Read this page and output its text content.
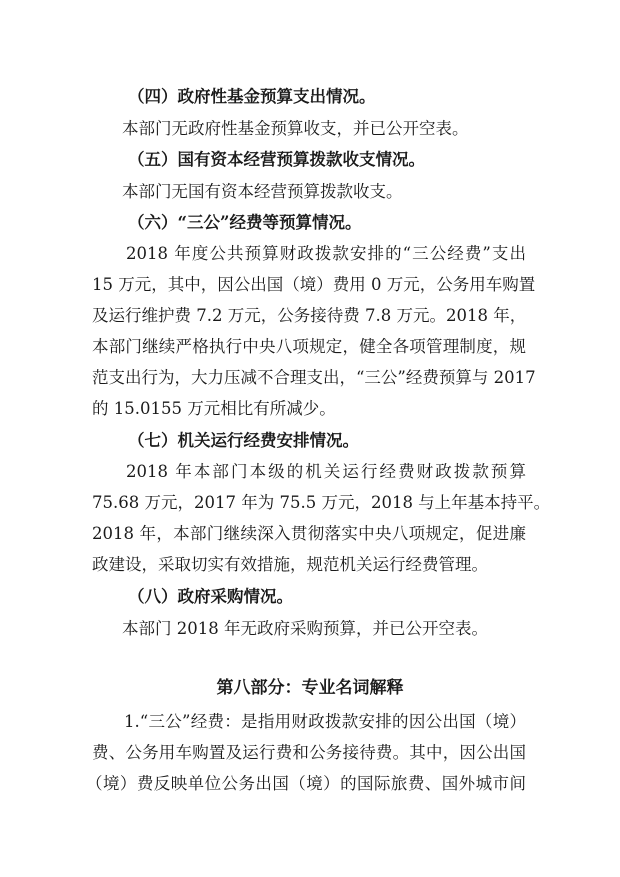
（四）政府性基金预算支出情况。
本部门无政府性基金预算收支，并已公开空表。
（五）国有资本经营预算拨款收支情况。
本部门无国有资本经营预算拨款收支。
（六）“三公”经费等预算情况。
2018 年度公共预算财政拨款安排的“三公经费”支出
15 万元，其中，因公出国（境）费用 0 万元，公务用车购置
及运行维护费 7.2 万元，公务接待费 7.8 万元。2018 年，
本部门继续严格执行中央八项规定，健全各项管理制度，规
范支出行为，大力压减不合理支出，“三公”经费预算与 2017
的 15.0155 万元相比有所减少。
（七）机关运行经费安排情况。
2018 年本部门本级的机关运行经费财政拨款预算
75.68 万元，2017 年为 75.5 万元，2018 与上年基本持平。
2018 年，本部门继续深入贯彻落实中央八项规定，促进廉
政建设，采取切实有效措施，规范机关运行经费管理。
（八）政府采购情况。
本部门 2018 年无政府采购预算，并已公开空表。
第八部分：专业名词解释
1.“三公”经费：是指用财政拨款安排的因公出国（境）
费、公务用车购置及运行费和公务接待费。其中，因公出国
（境）费反映单位公务出国（境）的国际旅费、国外城市间
